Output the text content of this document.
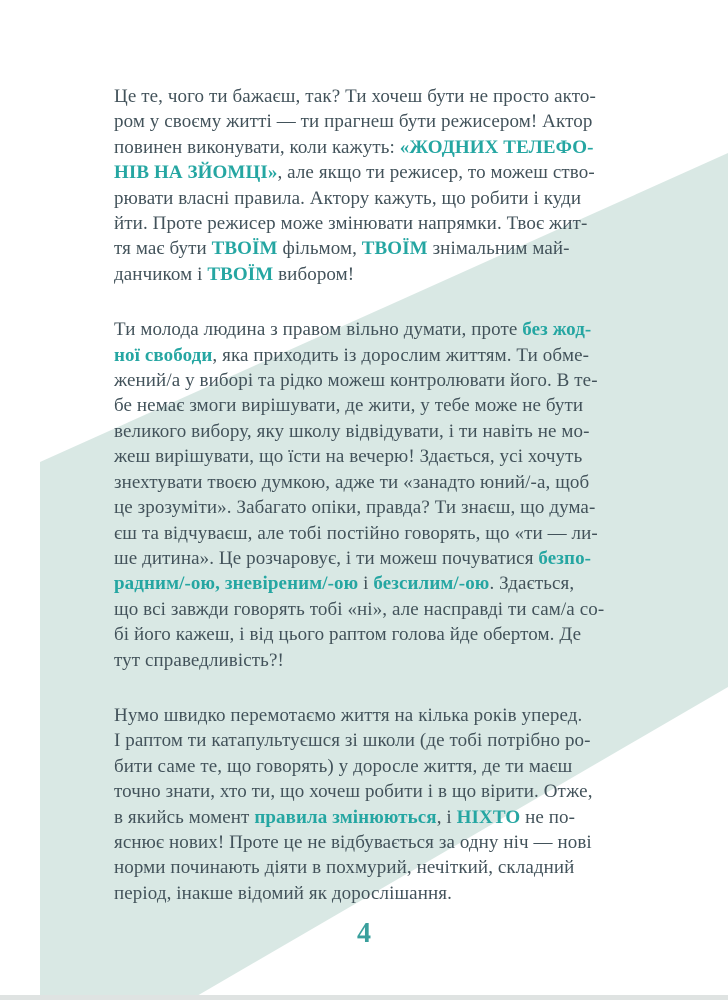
Це те, чого ти бажаєш, так? Ти хочеш бути не просто акто-
ром у своєму житті — ти прагнеш бути режисером! Актор
повинен виконувати, коли кажуть: «ЖОДНИХ ТЕЛЕФО-
НІВ НА ЗЙОМЦІ», але якщо ти режисер, то можеш ство-
рювати власні правила. Актору кажуть, що робити і куди
йти. Проте режисер може змінювати напрямки. Твоє жит-
тя має бути ТВОЇМ фільмом, ТВОЇМ знімальним май-
данчиком і ТВОЇМ вибором!

Ти молода людина з правом вільно думати, проте без жод-
ної свободи, яка приходить із дорослим життям. Ти обме-
жений/а у виборі та рідко можеш контролювати його. В те-
бе немає змоги вирішувати, де жити, у тебе може не бути
великого вибору, яку школу відвідувати, і ти навіть не мо-
жеш вирішувати, що їсти на вечерю! Здається, усі хочуть
знехтувати твоєю думкою, адже ти «занадто юний/-а, щоб
це зрозуміти». Забагато опіки, правда? Ти знаєш, що дума-
єш та відчуваєш, але тобі постійно говорять, що «ти — ли-
ше дитина». Це розчаровує, і ти можеш почуватися безпо-
радним/-ою, зневіреним/-ою і безсилим/-ою. Здається,
що всі завжди говорять тобі «ні», але насправді ти сам/а со-
бі його кажеш, і від цього раптом голова йде обертом. Де
тут справедливість?!

Нумо швидко перемотаємо життя на кілька років уперед.
І раптом ти катапультуєшся зі школи (де тобі потрібно ро-
бити саме те, що говорять) у доросле життя, де ти маєш
точно знати, хто ти, що хочеш робити і в що вірити. Отже,
в якийсь момент правила змінюються, і НІХТО не по-
яснює нових! Проте це не відбувається за одну ніч — нові
норми починають діяти в похмурий, нечіткий, складний
період, інакше відомий як дорослішання.

4
